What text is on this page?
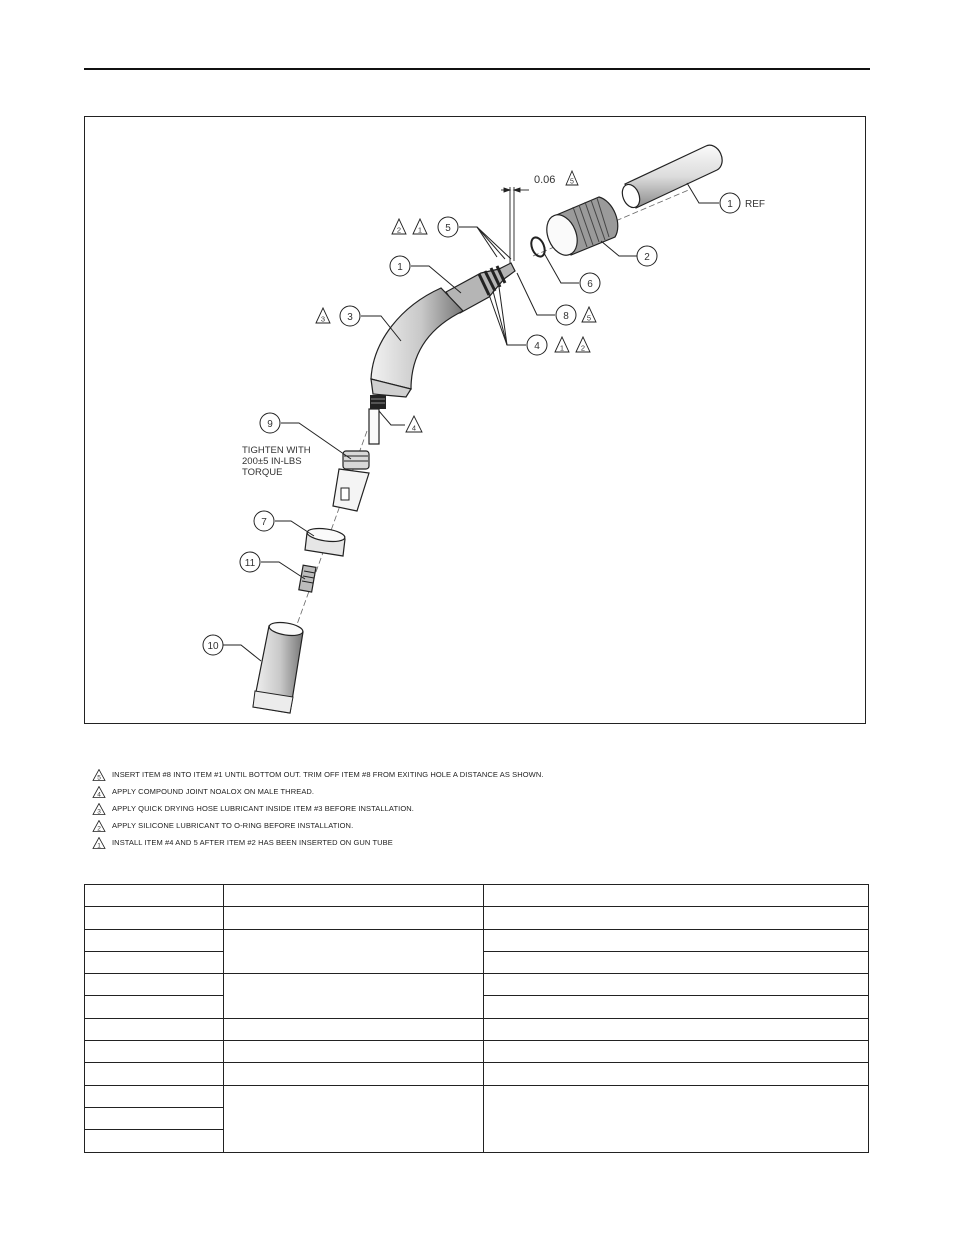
0.06 5
1 REF
2
6
2 1 5
1
8 5
3 3
4	1 2
9
TIGHTEN WITH
200±5 IN-LBS
TORQUE
7
11
10
4
5 INSERT ITEM #8 INTO ITEM #1 UNTIL BOTTOM OUT. TRIM OFF ITEM #8 FROM EXITING HOLE A DISTANCE AS SHOWN.
4 APPLY COMPOUND JOINT NOALOX ON MALE THREAD.
3 APPLY QUICK DRYING HOSE LUBRICANT INSIDE ITEM #3 BEFORE INSTALLATION.
2 APPLY SILICONE LUBRICANT TO O-RING BEFORE INSTALLATION.
1 INSTALL ITEM #4 AND 5 AFTER ITEM #2 HAS BEEN INSERTED ON GUN TUBE
